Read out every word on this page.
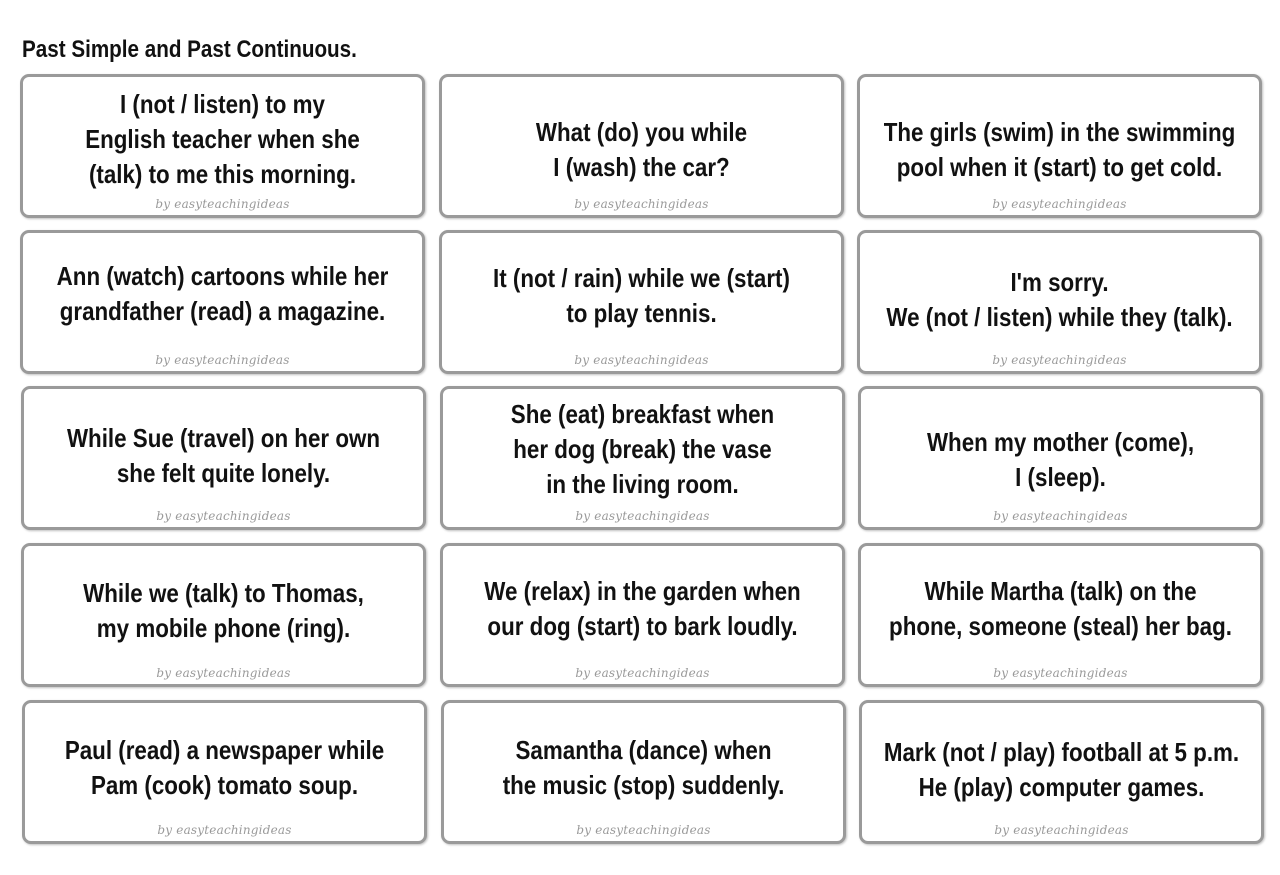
Past Simple and Past Continuous.
I (not / listen) to my
English teacher when she
(talk) to me this morning.
by easyteachingideas
What (do) you while
I (wash) the car?
by easyteachingideas
The girls (swim) in the swimming
pool when it (start) to get cold.
by easyteachingideas
Ann (watch) cartoons while her
grandfather (read) a magazine.
by easyteachingideas
It (not / rain) while we (start)
to play tennis.
by easyteachingideas
I'm sorry.
We (not / listen) while they (talk).
by easyteachingideas
While Sue (travel) on her own
she felt quite lonely.
by easyteachingideas
She (eat) breakfast when
her dog (break) the vase
in the living room.
by easyteachingideas
When my mother (come),
I (sleep).
by easyteachingideas
While we (talk) to Thomas,
my mobile phone (ring).
by easyteachingideas
We (relax) in the garden when
our dog (start) to bark loudly.
by easyteachingideas
While Martha (talk) on the
phone, someone (steal) her bag.
by easyteachingideas
Paul (read) a newspaper while
Pam (cook) tomato soup.
by easyteachingideas
Samantha (dance) when
the music (stop) suddenly.
by easyteachingideas
Mark (not / play) football at 5 p.m.
He (play) computer games.
by easyteachingideas
